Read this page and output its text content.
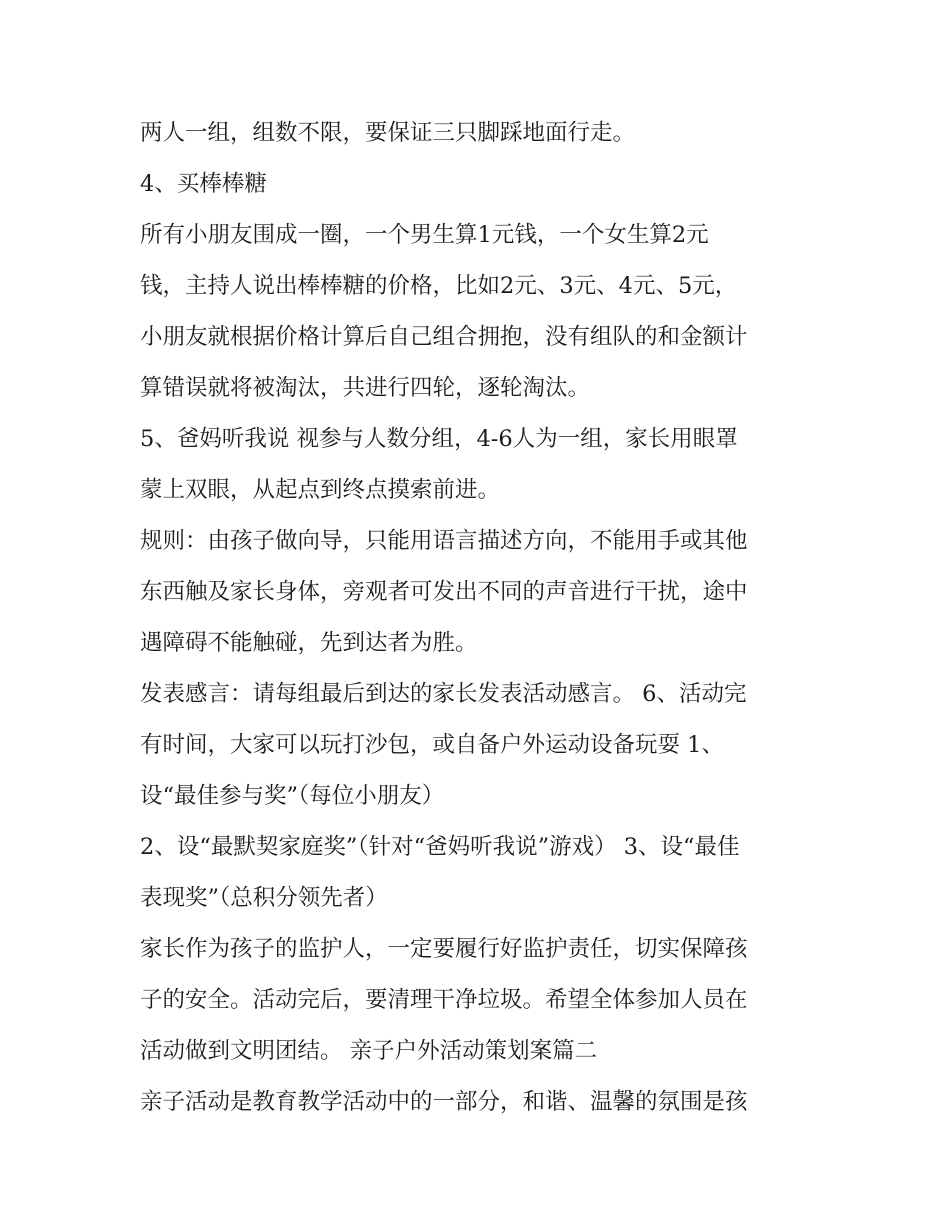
两人一组，组数不限，要保证三只脚踩地面行走。
4、买棒棒糖
所有小朋友围成一圈，一个男生算1元钱，一个女生算2元
钱，主持人说出棒棒糖的价格，比如2元、3元、4元、5元，
小朋友就根据价格计算后自己组合拥抱，没有组队的和金额计
算错误就将被淘汰，共进行四轮，逐轮淘汰。
5、爸妈听我说 视参与人数分组，4-6人为一组，家长用眼罩
蒙上双眼，从起点到终点摸索前进。
规则：由孩子做向导，只能用语言描述方向，不能用手或其他
东西触及家长身体，旁观者可发出不同的声音进行干扰，途中
遇障碍不能触碰，先到达者为胜。
发表感言：请每组最后到达的家长发表活动感言。 6、活动完
有时间，大家可以玩打沙包，或自备户外运动设备玩耍 1、
设“最佳参与奖”（每位小朋友）
2、设“最默契家庭奖”（针对“爸妈听我说”游戏） 3、设“最佳
表现奖”（总积分领先者）
家长作为孩子的监护人，一定要履行好监护责任，切实保障孩
子的安全。活动完后，要清理干净垃圾。希望全体参加人员在
活动做到文明团结。 亲子户外活动策划案篇二
亲子活动是教育教学活动中的一部分，和谐、温馨的氛围是孩
